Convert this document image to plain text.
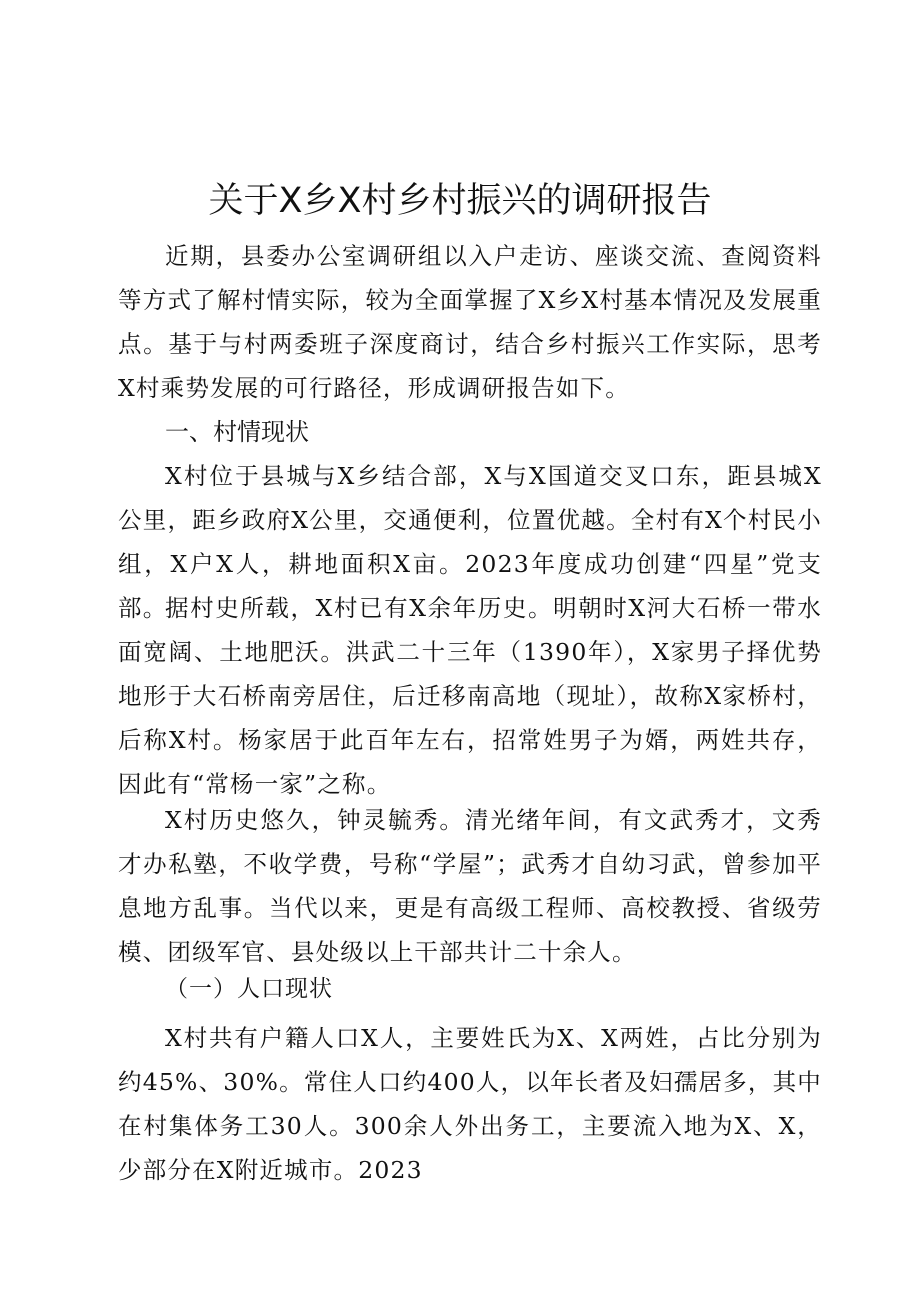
关于X乡X村乡村振兴的调研报告

近期，县委办公室调研组以入户走访、座谈交流、查阅资料等方式了解村情实际，较为全面掌握了X乡X村基本情况及发展重点。基于与村两委班子深度商讨，结合乡村振兴工作实际，思考X村乘势发展的可行路径，形成调研报告如下。

一、村情现状

X村位于县城与X乡结合部，X与X国道交叉口东，距县城X公里，距乡政府X公里，交通便利，位置优越。全村有X个村民小组，X户X人，耕地面积X亩。2023年度成功创建“四星”党支部。

据村史所载，X村已有X余年历史。明朝时X河大石桥一带水面宽阔、土地肥沃。洪武二十三年（1390年），X家男子择优势地形于大石桥南旁居住，后迁移南高地（现址），故称X家桥村，后称X村。杨家居于此百年左右，招常姓男子为婿，两姓共存，因此有“常杨一家”之称。

X村历史悠久，钟灵毓秀。清光绪年间，有文武秀才，文秀才办私塾，不收学费，号称“学屋”；武秀才自幼习武，曾参加平息地方乱事。当代以来，更是有高级工程师、高校教授、省级劳模、团级军官、县处级以上干部共计二十余人。

（一）人口现状

X村共有户籍人口X人，主要姓氏为X、X两姓，占比分别为约45%、30%。常住人口约400人，以年长者及妇孺居多，其中在村集体务工30人。300余人外出务工，主要流入地为X、X，少部分在X附近城市。2023
